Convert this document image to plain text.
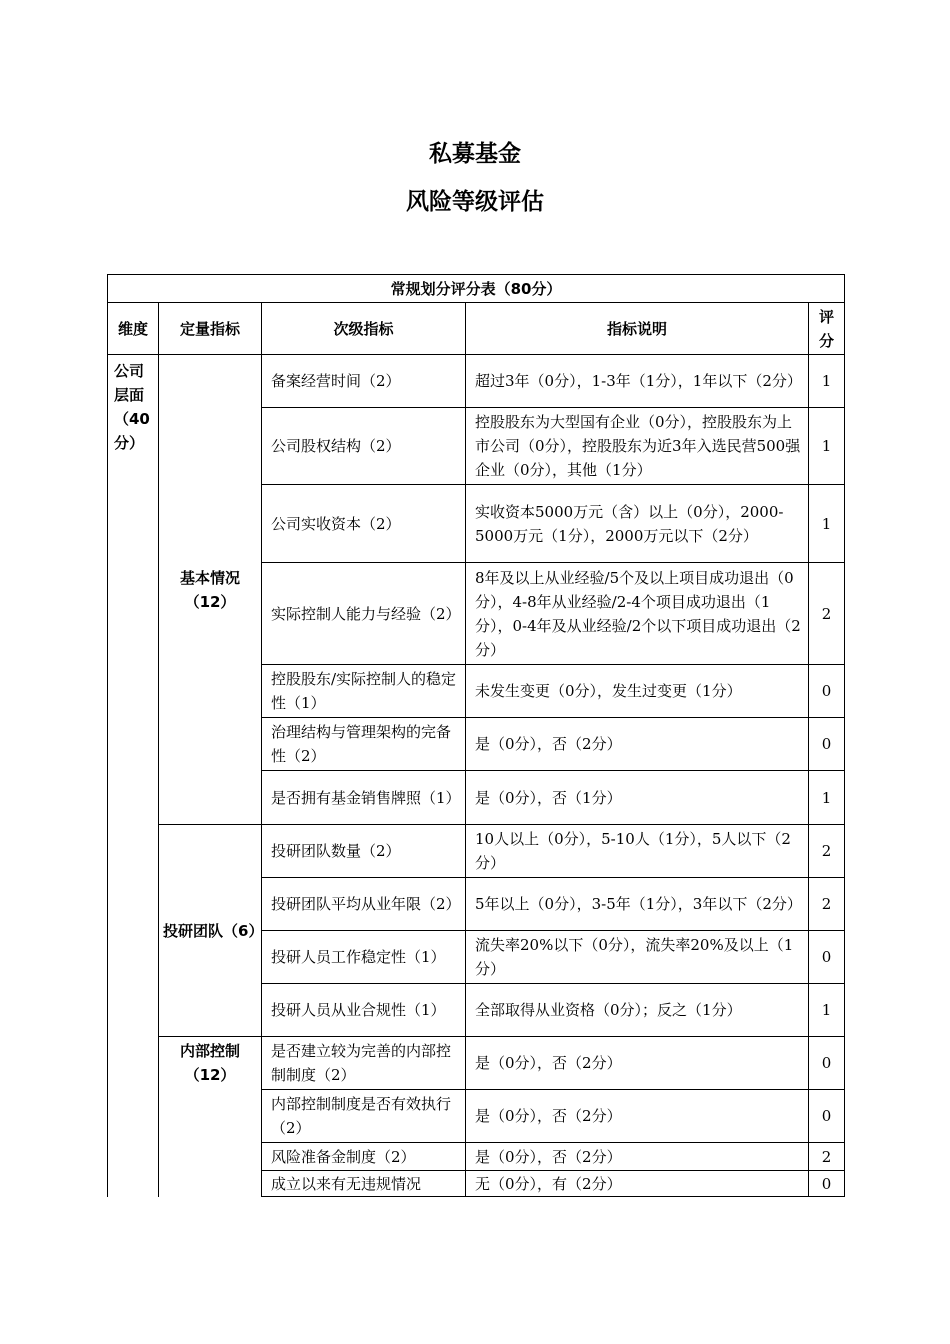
私募基金
风险等级评估
常规划分评分表（80分）				
维度	定量指标	次级指标	指标说明	评分
公司层面（40分）	基本情况（12）	备案经营时间（2）	超过3年（0分），1-3年（1分），1年以下（2分）	1
		公司股权结构（2）	控股股东为大型国有企业（0分），控股股东为上市公司（0分），控股股东为近3年入选民营500强企业（0分），其他（1分）	1
		公司实收资本（2）	实收资本5000万元（含）以上（0分），2000-5000万元（1分），2000万元以下（2分）	1
		实际控制人能力与经验（2）	8年及以上从业经验/5个及以上项目成功退出（0分），4-8年从业经验/2-4个项目成功退出（1分），0-4年及从业经验/2个以下项目成功退出（2分）	2
		控股股东/实际控制人的稳定性（1）	未发生变更（0分），发生过变更（1分）	0
		治理结构与管理架构的完备性（2）	是（0分），否（2分）	0
		是否拥有基金销售牌照（1）	是（0分），否（1分）	1
	投研团队（6）	投研团队数量（2）	10人以上（0分），5-10人（1分），5人以下（2分）	2
		投研团队平均从业年限（2）	5年以上（0分），3-5年（1分），3年以下（2分）	2
		投研人员工作稳定性（1）	流失率20%以下（0分），流失率20%及以上（1分）	0
		投研人员从业合规性（1）	全部取得从业资格（0分）；反之（1分）	1
	内部控制（12）	是否建立较为完善的内部控制制度（2）	是（0分），否（2分）	0
		内部控制制度是否有效执行（2）	是（0分），否（2分）	0
		风险准备金制度（2）	是（0分），否（2分）	2
		成立以来有无违规情况	无（0分），有（2分）	0
